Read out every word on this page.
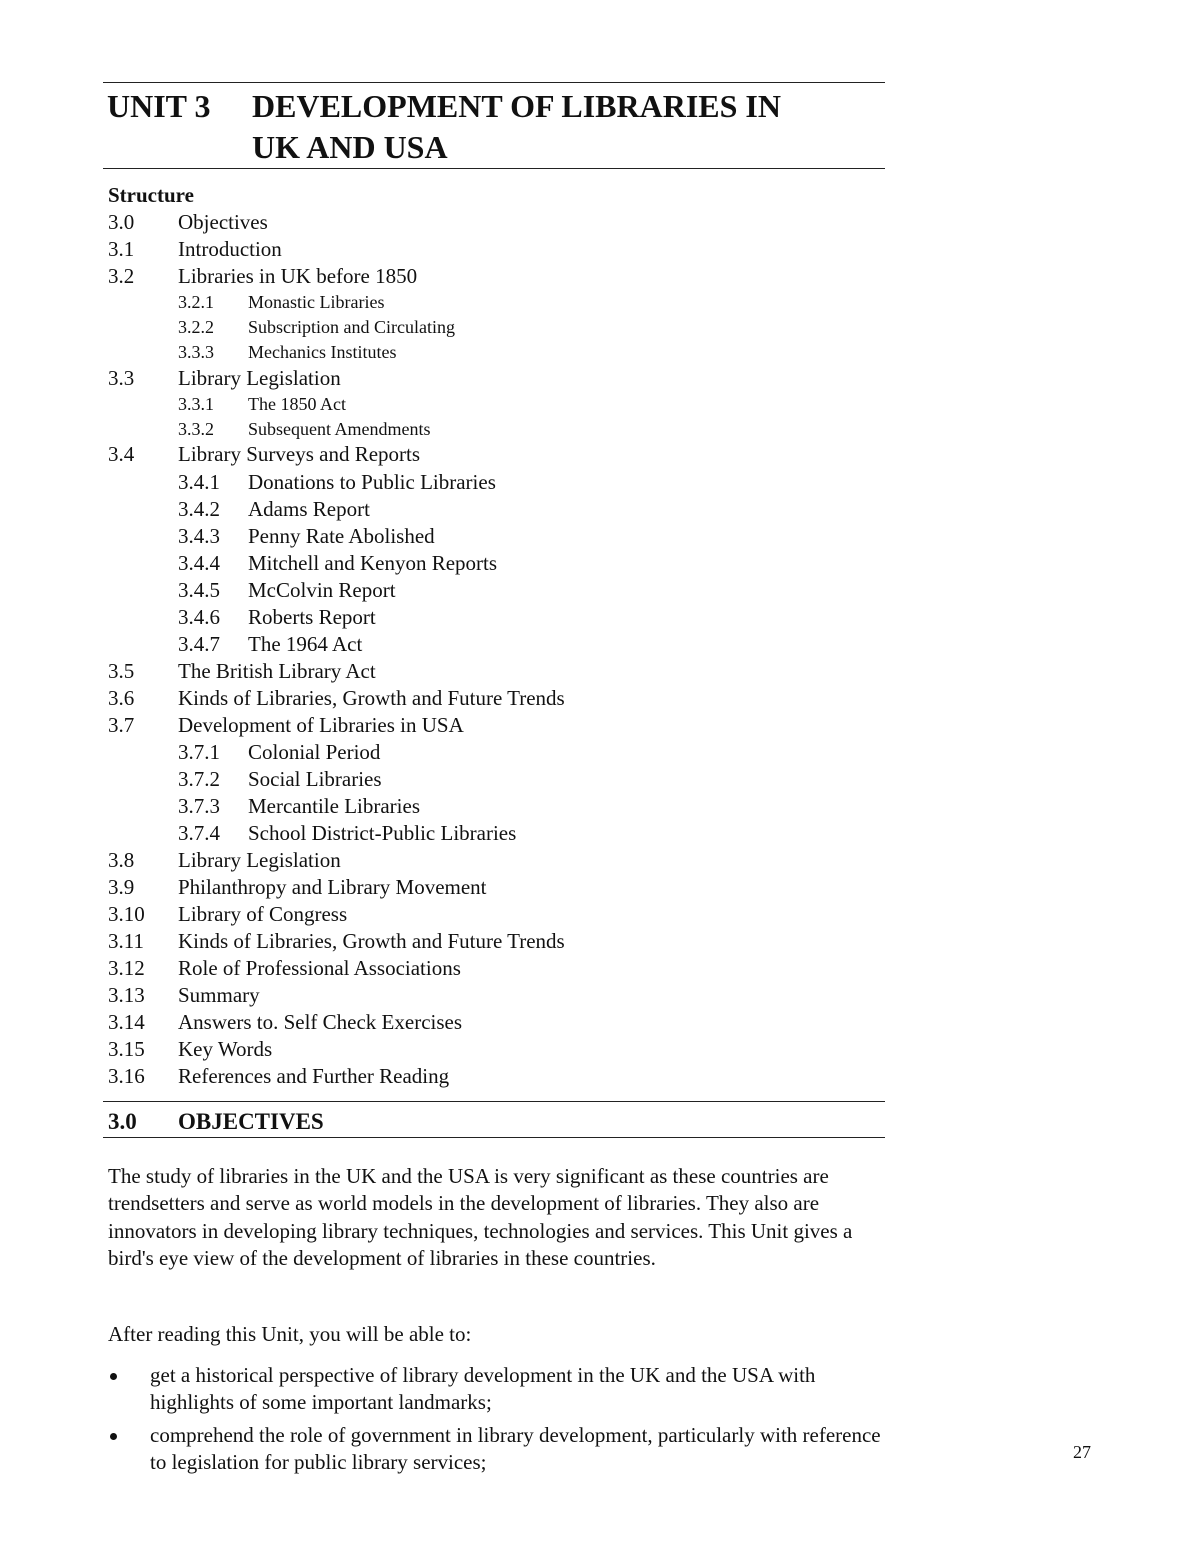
UNIT 3 DEVELOPMENT OF LIBRARIES IN
UK AND USA
Structure
3.0 Objectives
3.1 Introduction
3.2 Libraries in UK before 1850
3.2.1 Monastic Libraries
3.2.2 Subscription and Circulating
3.3.3 Mechanics Institutes
3.3 Library Legislation
3.3.1 The 1850 Act
3.3.2 Subsequent Amendments
3.4 Library Surveys and Reports
3.4.1 Donations to Public Libraries
3.4.2 Adams Report
3.4.3 Penny Rate Abolished
3.4.4 Mitchell and Kenyon Reports
3.4.5 McColvin Report
3.4.6 Roberts Report
3.4.7 The 1964 Act
3.5 The British Library Act
3.6 Kinds of Libraries, Growth and Future Trends
3.7 Development of Libraries in USA
3.7.1 Colonial Period
3.7.2 Social Libraries
3.7.3 Mercantile Libraries
3.7.4 School District-Public Libraries
3.8 Library Legislation
3.9 Philanthropy and Library Movement
3.10 Library of Congress
3.11 Kinds of Libraries, Growth and Future Trends
3.12 Role of Professional Associations
3.13 Summary
3.14 Answers to. Self Check Exercises
3.15 Key Words
3.16 References and Further Reading
3.0 OBJECTIVES
The study of libraries in the UK and the USA is very significant as these countries are trendsetters and serve as world models in the development of libraries. They also are innovators in developing library techniques, technologies and services. This Unit gives a bird's eye view of the development of libraries in these countries.
After reading this Unit, you will be able to:
get a historical perspective of library development in the UK and the USA with highlights of some important landmarks;
comprehend the role of government in library development, particularly with reference to legislation for public library services;	27
